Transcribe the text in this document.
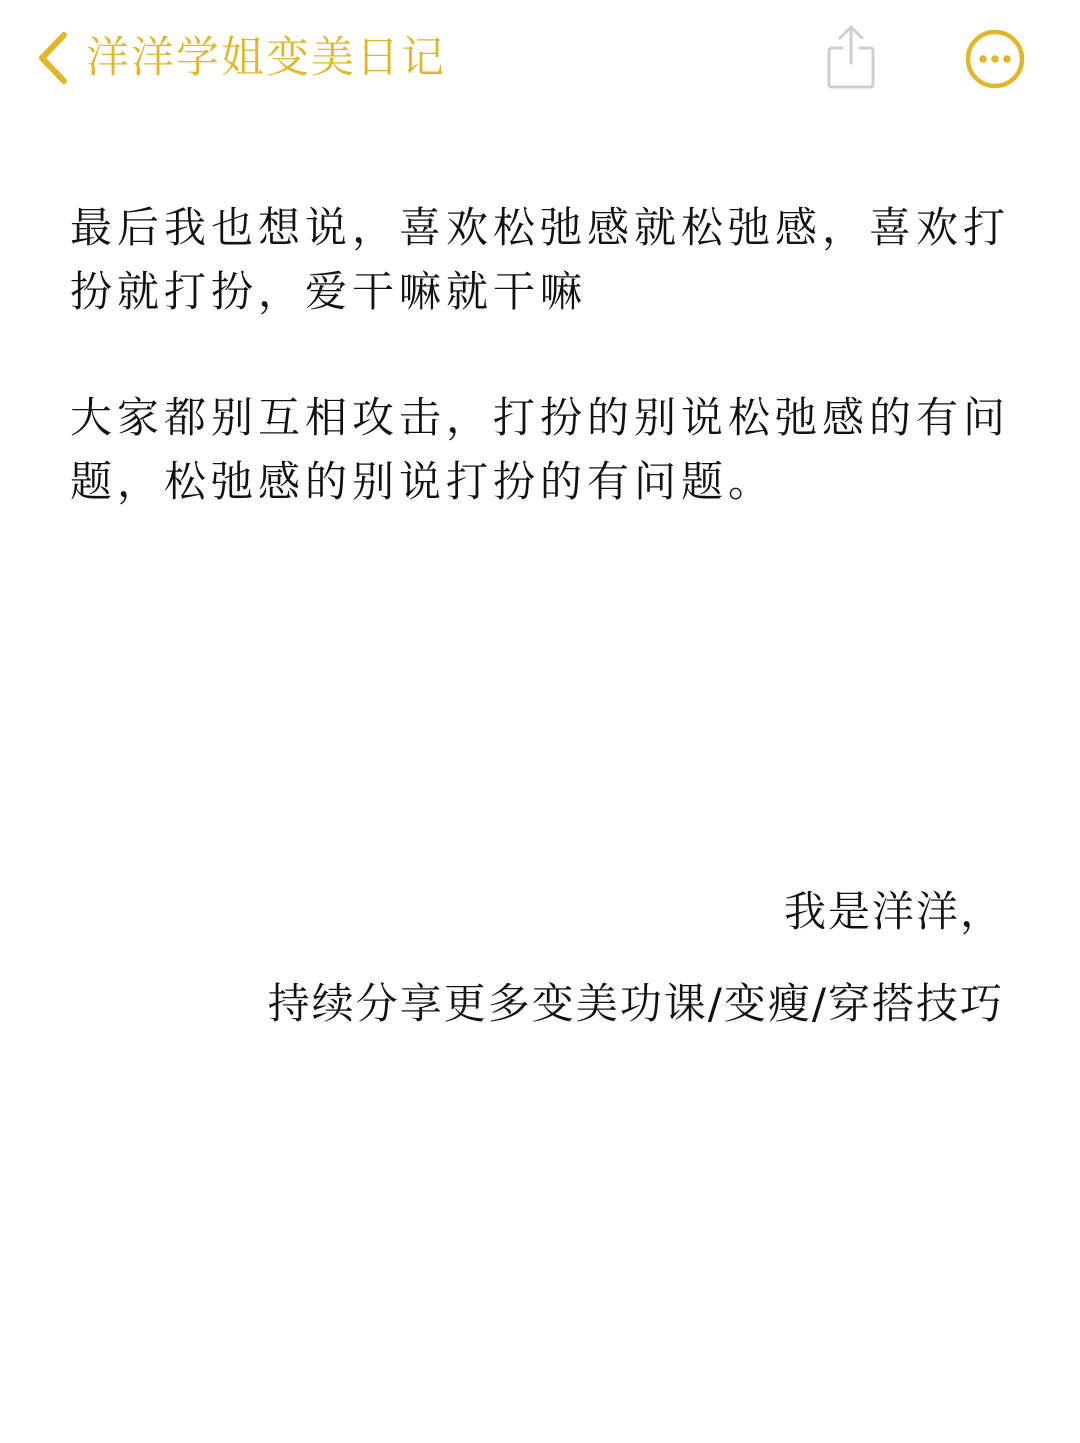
洋洋学姐变美日记

最后我也想说，喜欢松弛感就松弛感，喜欢打扮就打扮，爱干嘛就干嘛

大家都别互相攻击，打扮的别说松弛感的有问题，松弛感的别说打扮的有问题。

我是洋洋，
持续分享更多变美功课/变瘦/穿搭技巧
